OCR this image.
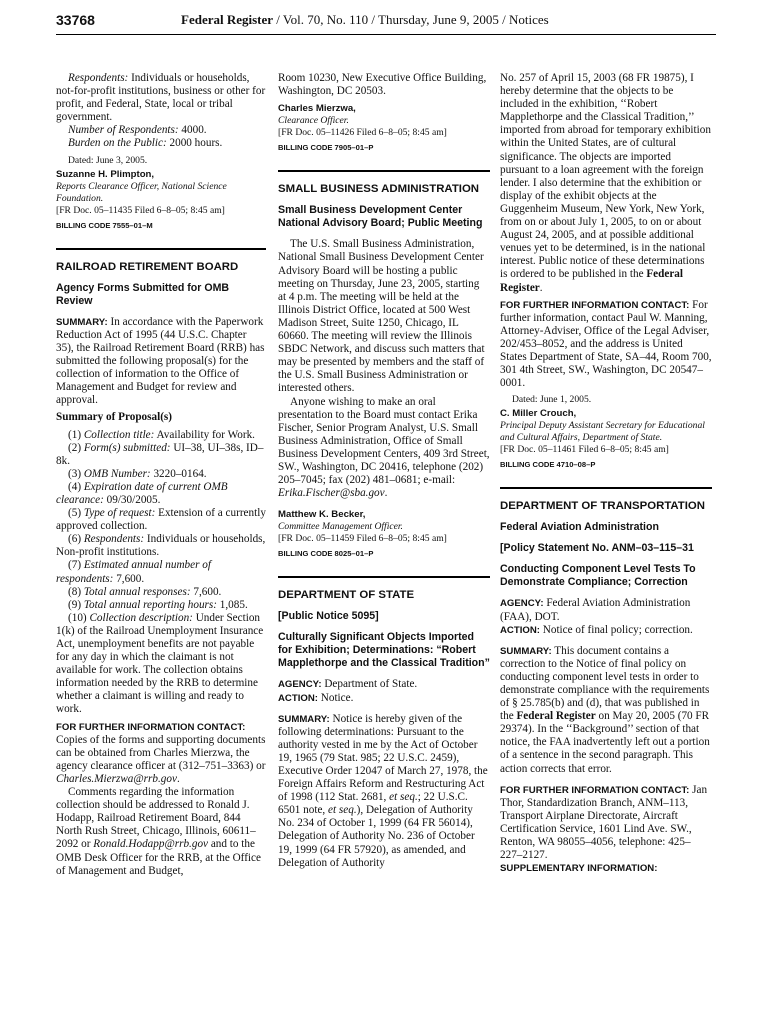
33768	Federal Register / Vol. 70, No. 110 / Thursday, June 9, 2005 / Notices

Respondents: Individuals or households, not-for-profit institutions, business or other for profit, and Federal, State, local or tribal government.

Number of Respondents: 4000.

Burden on the Public: 2000 hours.

Dated: June 3, 2005.

Suzanne H. Plimpton,

Reports Clearance Officer, National Science Foundation.

[FR Doc. 05–11435 Filed 6–8–05; 8:45 am]

BILLING CODE 7555–01–M

RAILROAD RETIREMENT BOARD

Agency Forms Submitted for OMB Review

SUMMARY: In accordance with the Paperwork Reduction Act of 1995 (44 U.S.C. Chapter 35), the Railroad Retirement Board (RRB) has submitted the following proposal(s) for the collection of information to the Office of Management and Budget for review and approval.

Summary of Proposal(s)

(1) Collection title: Availability for Work.

(2) Form(s) submitted: UI–38, UI–38s, ID–8k.

(3) OMB Number: 3220–0164.

(4) Expiration date of current OMB clearance: 09/30/2005.

(5) Type of request: Extension of a currently approved collection.

(6) Respondents: Individuals or households, Non-profit institutions.

(7) Estimated annual number of respondents: 7,600.

(8) Total annual responses: 7,600.

(9) Total annual reporting hours: 1,085.

(10) Collection description: Under Section 1(k) of the Railroad Unemployment Insurance Act, unemployment benefits are not payable for any day in which the claimant is not available for work. The collection obtains information needed by the RRB to determine whether a claimant is willing and ready to work.

FOR FURTHER INFORMATION CONTACT: Copies of the forms and supporting documents can be obtained from Charles Mierzwa, the agency clearance officer at (312–751–3363) or Charles.Mierzwa@rrb.gov.

Comments regarding the information collection should be addressed to Ronald J. Hodapp, Railroad Retirement Board, 844 North Rush Street, Chicago, Illinois, 60611–2092 or Ronald.Hodapp@rrb.gov and to the OMB Desk Officer for the RRB, at the Office of Management and Budget,

Room 10230, New Executive Office Building, Washington, DC 20503.

Charles Mierzwa,

Clearance Officer.

[FR Doc. 05–11426 Filed 6–8–05; 8:45 am]

BILLING CODE 7905–01–P

SMALL BUSINESS ADMINISTRATION

Small Business Development Center National Advisory Board; Public Meeting

The U.S. Small Business Administration, National Small Business Development Center Advisory Board will be hosting a public meeting on Thursday, June 23, 2005, starting at 4 p.m. The meeting will be held at the Illinois District Office, located at 500 West Madison Street, Suite 1250, Chicago, IL 60660. The meeting will review the Illinois SBDC Network, and discuss such matters that may be presented by members and the staff of the U.S. Small Business Administration or interested others.

Anyone wishing to make an oral presentation to the Board must contact Erika Fischer, Senior Program Analyst, U.S. Small Business Administration, Office of Small Business Development Centers, 409 3rd Street, SW., Washington, DC 20416, telephone (202) 205–7045; fax (202) 481–0681; e-mail: Erika.Fischer@sba.gov.

Matthew K. Becker,

Committee Management Officer.

[FR Doc. 05–11459 Filed 6–8–05; 8:45 am]

BILLING CODE 8025–01–P

DEPARTMENT OF STATE

[Public Notice 5095]

Culturally Significant Objects Imported for Exhibition; Determinations: “Robert Mapplethorpe and the Classical Tradition”

AGENCY: Department of State.

ACTION: Notice.

SUMMARY: Notice is hereby given of the following determinations: Pursuant to the authority vested in me by the Act of October 19, 1965 (79 Stat. 985; 22 U.S.C. 2459), Executive Order 12047 of March 27, 1978, the Foreign Affairs Reform and Restructuring Act of 1998 (112 Stat. 2681, et seq.; 22 U.S.C. 6501 note, et seq.), Delegation of Authority No. 234 of October 1, 1999 (64 FR 56014), Delegation of Authority No. 236 of October 19, 1999 (64 FR 57920), as amended, and Delegation of Authority

No. 257 of April 15, 2003 (68 FR 19875), I hereby determine that the objects to be included in the exhibition, ‘‘Robert Mapplethorpe and the Classical Tradition,’’ imported from abroad for temporary exhibition within the United States, are of cultural significance. The objects are imported pursuant to a loan agreement with the foreign lender. I also determine that the exhibition or display of the exhibit objects at the Guggenheim Museum, New York, New York, from on or about July 1, 2005, to on or about August 24, 2005, and at possible additional venues yet to be determined, is in the national interest. Public notice of these determinations is ordered to be published in the Federal Register.

FOR FURTHER INFORMATION CONTACT: For further information, contact Paul W. Manning, Attorney-Adviser, Office of the Legal Adviser, 202/453–8052, and the address is United States Department of State, SA–44, Room 700, 301 4th Street, SW., Washington, DC 20547–0001.

Dated: June 1, 2005.

C. Miller Crouch,

Principal Deputy Assistant Secretary for Educational and Cultural Affairs, Department of State.

[FR Doc. 05–11461 Filed 6–8–05; 8:45 am]

BILLING CODE 4710–08–P

DEPARTMENT OF TRANSPORTATION

Federal Aviation Administration

[Policy Statement No. ANM–03–115–31

Conducting Component Level Tests To Demonstrate Compliance; Correction

AGENCY: Federal Aviation Administration (FAA), DOT.

ACTION: Notice of final policy; correction.

SUMMARY: This document contains a correction to the Notice of final policy on conducting component level tests in order to demonstrate compliance with the requirements of § 25.785(b) and (d), that was published in the Federal Register on May 20, 2005 (70 FR 29374). In the ‘‘Background’’ section of that notice, the FAA inadvertently left out a portion of a sentence in the second paragraph. This action corrects that error.

FOR FURTHER INFORMATION CONTACT: Jan Thor, Standardization Branch, ANM–113, Transport Airplane Directorate, Aircraft Certification Service, 1601 Lind Ave. SW., Renton, WA 98055–4056, telephone: 425–227–2127.

SUPPLEMENTARY INFORMATION:
